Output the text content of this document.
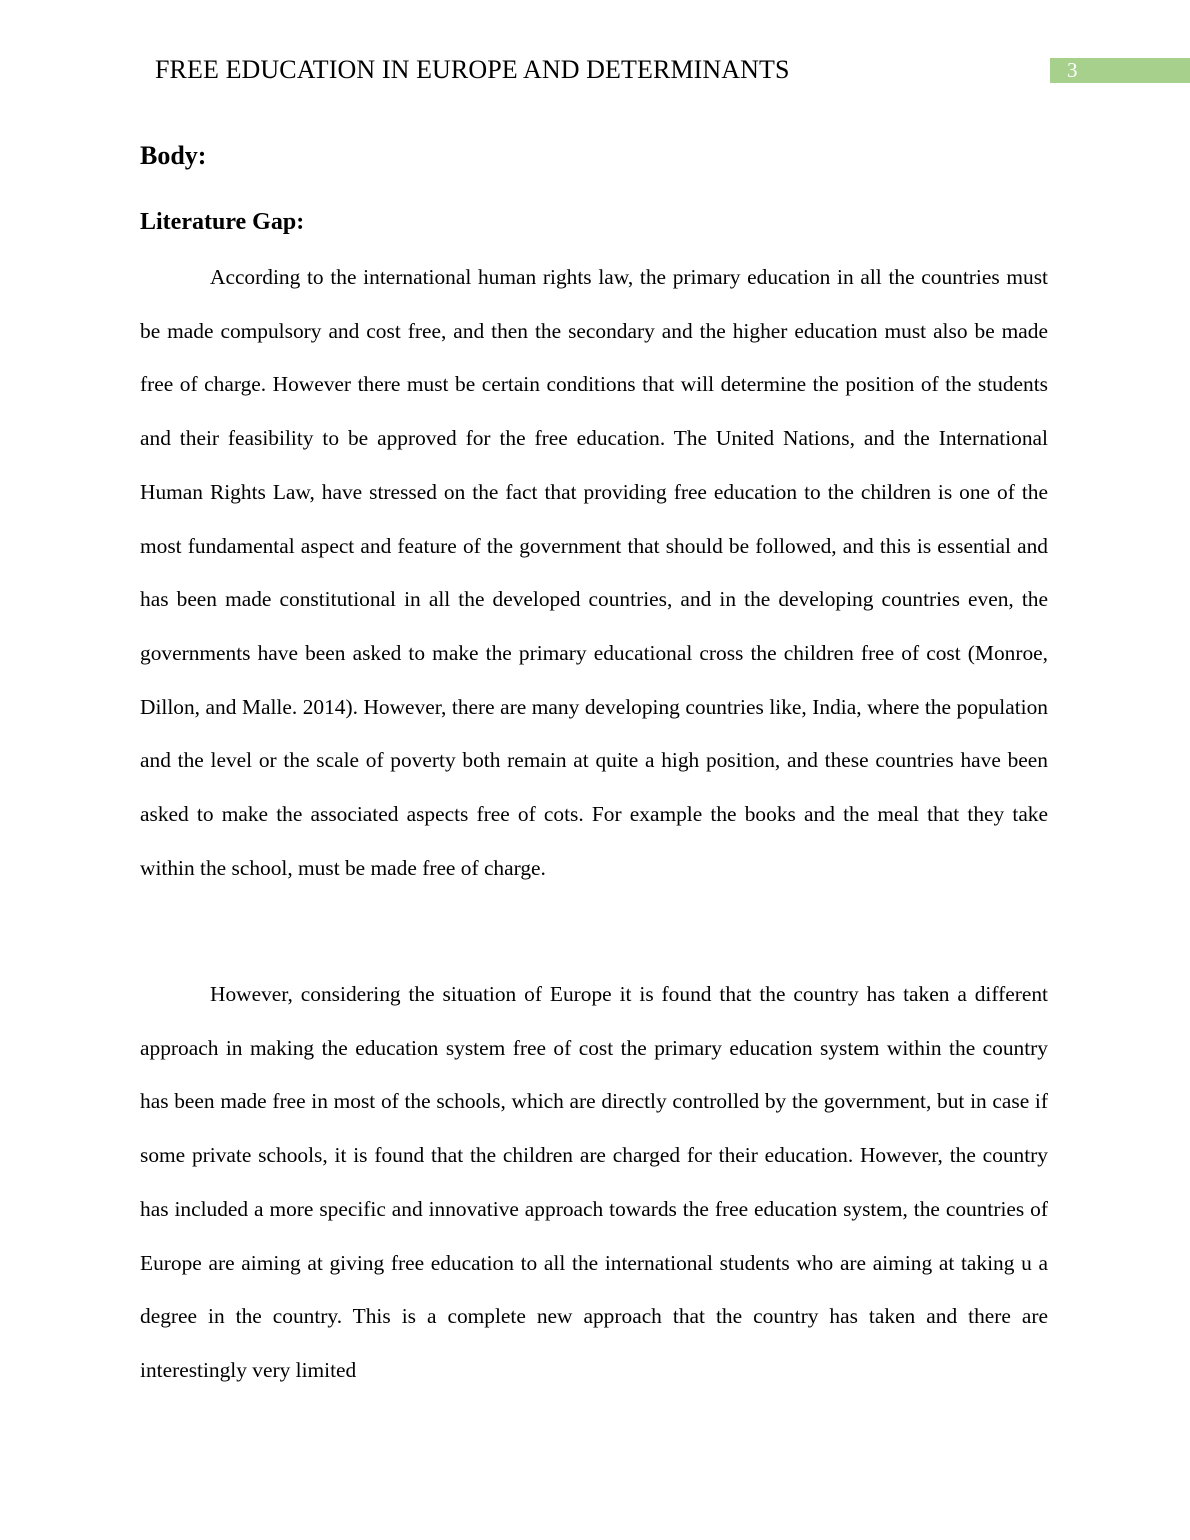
FREE EDUCATION IN EUROPE AND DETERMINANTS	3
Body:
Literature Gap:

According to the international human rights law, the primary education in all the countries must be made compulsory and cost free, and then the secondary and the higher education must also be made free of charge. However there must be certain conditions that will determine the position of the students and their feasibility to be approved for the free education. The United Nations, and the International Human Rights Law, have stressed on the fact that providing free education to the children is one of the most fundamental aspect and feature of the government that should be followed, and this is essential and has been made constitutional in all the developed countries, and in the developing countries even, the governments have been asked to make the primary educational cross the children free of cost (Monroe, Dillon, and Malle. 2014). However, there are many developing countries like, India, where the population and the level or the scale of poverty both remain at quite a high position, and these countries have been asked to make the associated aspects free of cots. For example the books and the meal that they take within the school, must be made free of charge.

However, considering the situation of Europe it is found that the country has taken a different approach in making the education system free of cost the primary education system within the country has been made free in most of the schools, which are directly controlled by the government, but in case if some private schools, it is found that the children are charged for their education. However, the country has included a more specific and innovative approach towards the free education system, the countries of Europe are aiming at giving free education to all the international students who are aiming at taking u a degree in the country. This is a complete new approach that the country has taken and there are interestingly very limited
